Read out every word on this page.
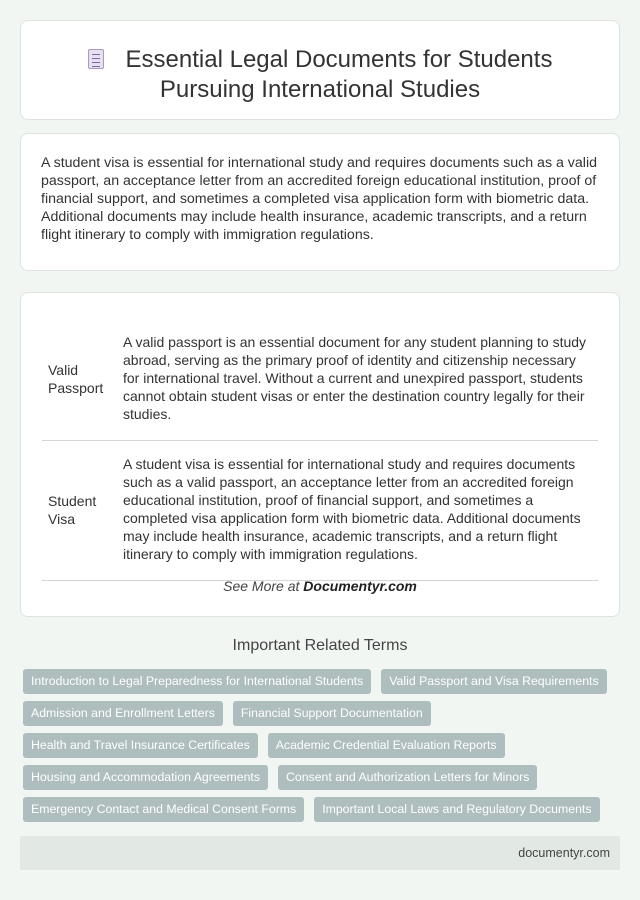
Essential Legal Documents for Students
Pursuing International Studies

A student visa is essential for international study and requires documents such as a valid passport, an acceptance letter from an accredited foreign educational institution, proof of financial support, and sometimes a completed visa application form with biometric data. Additional documents may include health insurance, academic transcripts, and a return flight itinerary to comply with immigration regulations.

Valid
Passport	A valid passport is an essential document for any student planning to study abroad, serving as the primary proof of identity and citizenship necessary for international travel. Without a current and unexpired passport, students cannot obtain student visas or enter the destination country legally for their studies.
Student
Visa	A student visa is essential for international study and requires documents such as a valid passport, an acceptance letter from an accredited foreign educational institution, proof of financial support, and sometimes a completed visa application form with biometric data. Additional documents may include health insurance, academic transcripts, and a return flight itinerary to comply with immigration regulations.
See More at Documentyr.com
Important Related Terms
Introduction to Legal Preparedness for International Students Valid Passport and Visa Requirements
Admission and Enrollment Letters Financial Support Documentation
Health and Travel Insurance Certificates Academic Credential Evaluation Reports
Housing and Accommodation Agreements Consent and Authorization Letters for Minors
Emergency Contact and Medical Consent Forms Important Local Laws and Regulatory Documents
documentyr.com
